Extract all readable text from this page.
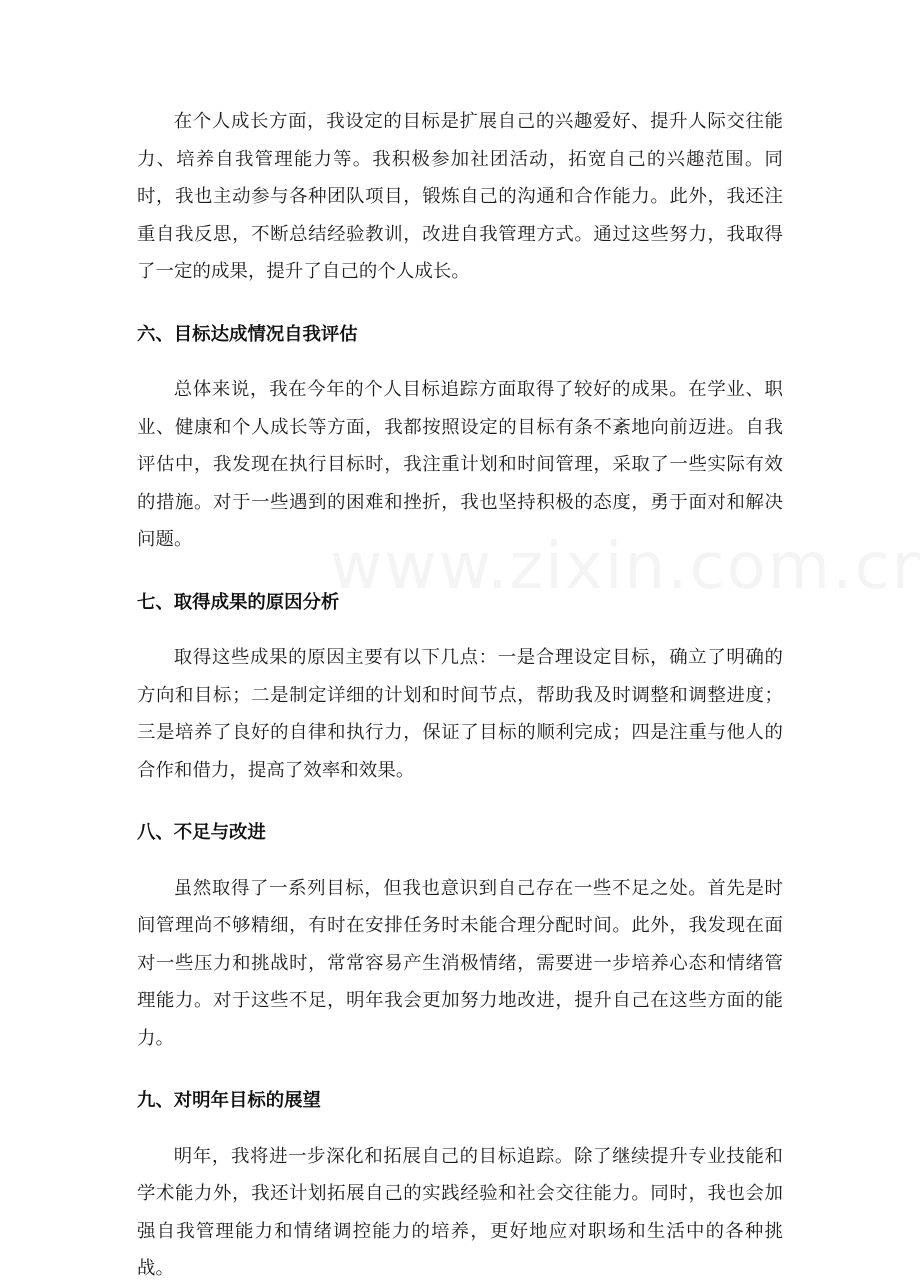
在个人成长方面，我设定的目标是扩展自己的兴趣爱好、提升人际交往能力、培养自我管理能力等。我积极参加社团活动，拓宽自己的兴趣范围。同时，我也主动参与各种团队项目，锻炼自己的沟通和合作能力。此外，我还注重自我反思，不断总结经验教训，改进自我管理方式。通过这些努力，我取得了一定的成果，提升了自己的个人成长。

六、目标达成情况自我评估

总体来说，我在今年的个人目标追踪方面取得了较好的成果。在学业、职业、健康和个人成长等方面，我都按照设定的目标有条不紊地向前迈进。自我评估中，我发现在执行目标时，我注重计划和时间管理，采取了一些实际有效的措施。对于一些遇到的困难和挫折，我也坚持积极的态度，勇于面对和解决问题。

七、取得成果的原因分析

取得这些成果的原因主要有以下几点：一是合理设定目标，确立了明确的方向和目标；二是制定详细的计划和时间节点，帮助我及时调整和调整进度；三是培养了良好的自律和执行力，保证了目标的顺利完成；四是注重与他人的合作和借力，提高了效率和效果。

八、不足与改进

虽然取得了一系列目标，但我也意识到自己存在一些不足之处。首先是时间管理尚不够精细，有时在安排任务时未能合理分配时间。此外，我发现在面对一些压力和挑战时，常常容易产生消极情绪，需要进一步培养心态和情绪管理能力。对于这些不足，明年我会更加努力地改进，提升自己在这些方面的能力。

九、对明年目标的展望

明年，我将进一步深化和拓展自己的目标追踪。除了继续提升专业技能和学术能力外，我还计划拓展自己的实践经验和社会交往能力。同时，我也会加强自我管理能力和情绪调控能力的培养，更好地应对职场和生活中的各种挑战。
